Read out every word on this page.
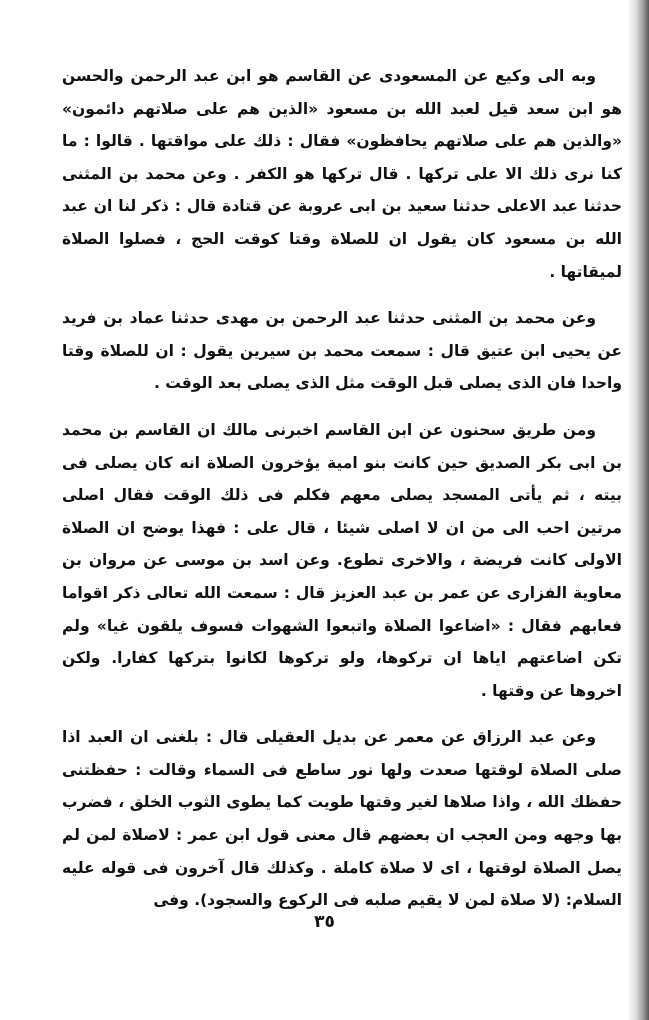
وبه الى وكيع عن المسعودى عن القاسم هو ابن عبد الرحمن والحسن هو ابن سعد قيل لعبد الله بن مسعود «الذين هم على صلاتهم دائمون» «والذين هم على صلاتهم يحافظون» فقال : ذلك على مواقتها . قالوا : ما كنا نرى ذلك الا على تركها . قال تركها هو الكفر . وعن محمد بن المثنى حدثنا عبد الاعلى حدثنا سعيد بن ابى عروبة عن قتادة قال : ذكر لنا ان عبد الله بن مسعود كان يقول ان للصلاة وقتا كوقت الحج ، فصلوا الصلاة لميقاتها .

وعن محمد بن المثنى حدثنا عبد الرحمن بن مهدى حدثنا عماد بن فريد عن يحيى ابن عتيق قال : سمعت محمد بن سيرين يقول : ان للصلاة وقتا واحدا فان الذى يصلى قبل الوقت مثل الذى يصلى بعد الوقت .

ومن طريق سحنون عن ابن القاسم اخبرنى مالك ان القاسم بن محمد بن ابى بكر الصديق حين كانت بنو امية يؤخرون الصلاة انه كان يصلى فى بيته ، ثم يأتى المسجد يصلى معهم فكلم فى ذلك الوقت فقال اصلى مرتين احب الى من ان لا اصلى شيئا ، قال على : فهذا يوضح ان الصلاة الاولى كانت فريضة ، والاخرى تطوع. وعن اسد بن موسى عن مروان بن معاوية الفزارى عن عمر بن عبد العزيز قال : سمعت الله تعالى ذكر اقواما فعابهم فقال : «اضاعوا الصلاة واتبعوا الشهوات فسوف يلقون غيا» ولم تكن اضاعتهم اياها ان تركوها، ولو تركوها لكانوا بتركها كفارا. ولكن اخروها عن وقتها .

وعن عبد الرزاق عن معمر عن بديل العقيلى قال : بلغنى ان العبد اذا صلى الصلاة لوقتها صعدت ولها نور ساطع فى السماء وقالت : حفظتنى حفظك الله ، واذا صلاها لغير وقتها طويت كما يطوى الثوب الخلق ، فضرب بها وجهه ومن العجب ان بعضهم قال معنى قول ابن عمر : لاصلاة لمن لم يصل الصلاة لوقتها ، اى لا صلاة كاملة . وكذلك قال آخرون فى قوله عليه السلام: (لا صلاة لمن لا يقيم صلبه فى الركوع والسجود). وفى

٣٥
